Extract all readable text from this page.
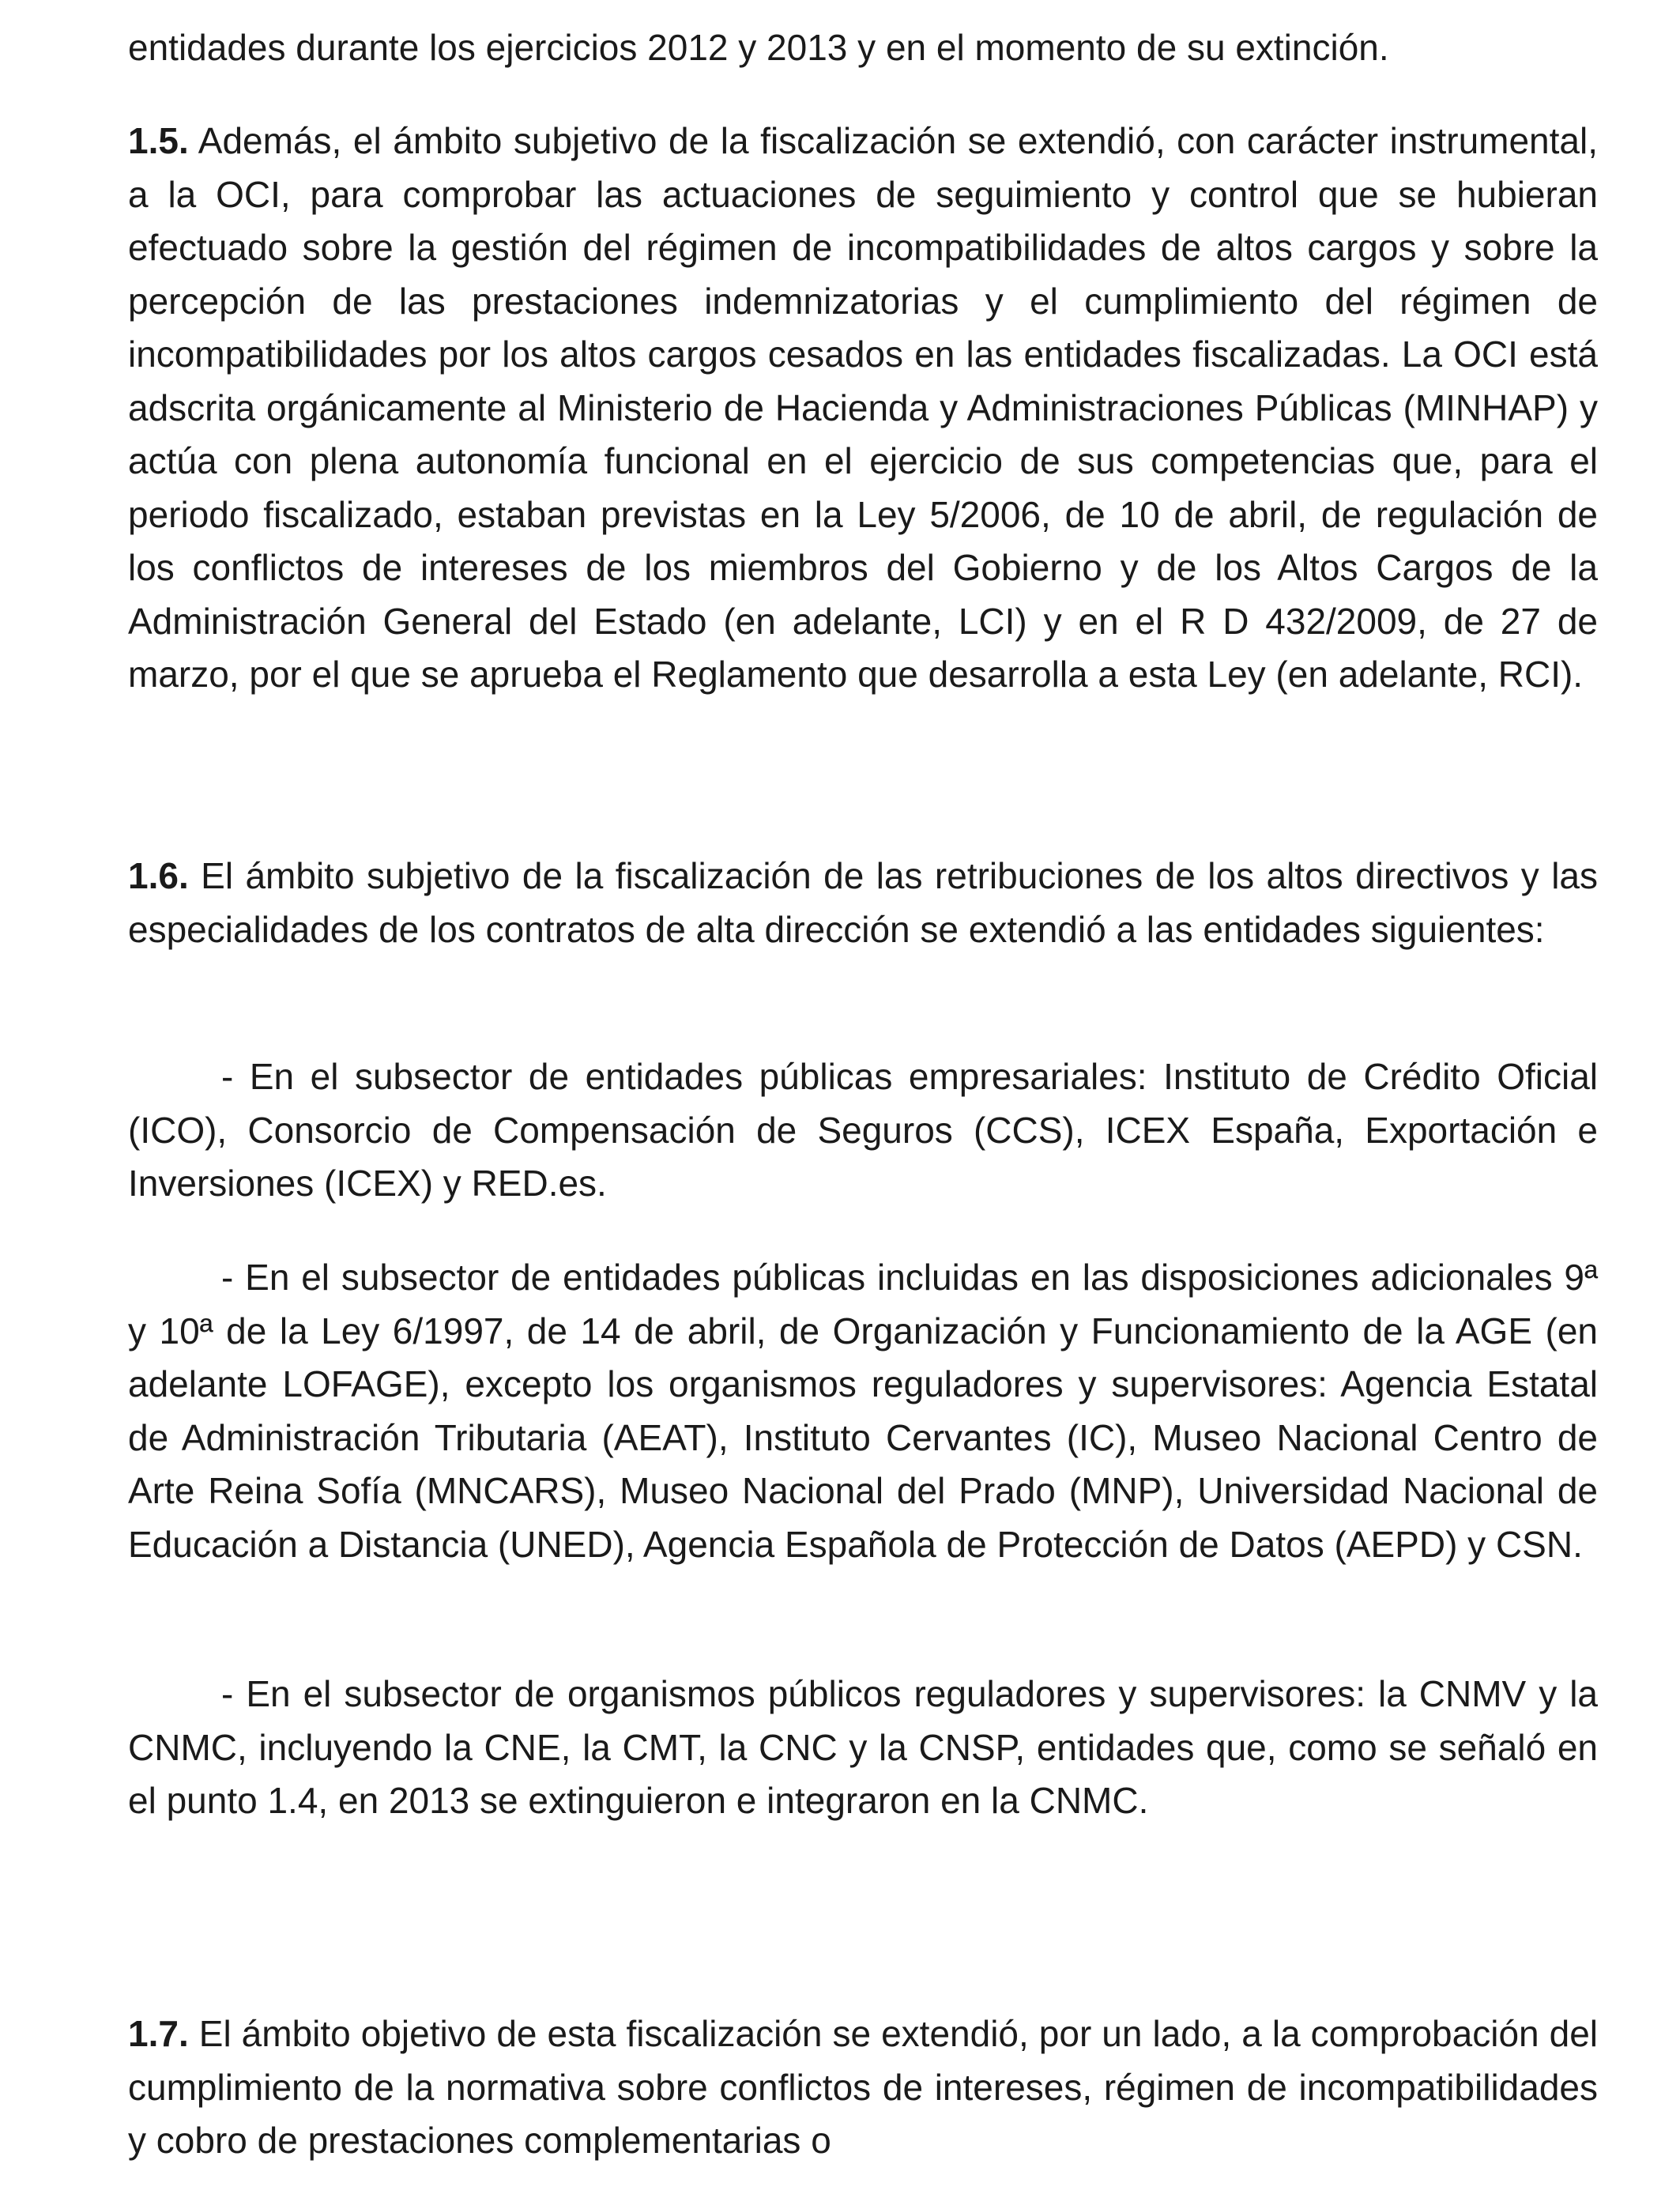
entidades durante los ejercicios 2012 y 2013 y en el momento de su extinción.

1.5. Además, el ámbito subjetivo de la fiscalización se extendió, con carácter instrumental, a la OCI, para comprobar las actuaciones de seguimiento y control que se hubieran efectuado sobre la gestión del régimen de incompatibilidades de altos cargos y sobre la percepción de las prestaciones indemnizatorias y el cumplimiento del régimen de incompatibilidades por los altos cargos cesados en las entidades fiscalizadas. La OCI está adscrita orgánicamente al Ministerio de Hacienda y Administraciones Públicas (MINHAP) y actúa con plena autonomía funcional en el ejercicio de sus competencias que, para el periodo fiscalizado, estaban previstas en la Ley 5/2006, de 10 de abril, de regulación de los conflictos de intereses de los miembros del Gobierno y de los Altos Cargos de la Administración General del Estado (en adelante, LCI) y en el R D 432/2009, de 27 de marzo, por el que se aprueba el Reglamento que desarrolla a esta Ley (en adelante, RCI).

1.6. El ámbito subjetivo de la fiscalización de las retribuciones de los altos directivos y las especialidades de los contratos de alta dirección se extendió a las entidades siguientes:

- En el subsector de entidades públicas empresariales: Instituto de Crédito Oficial (ICO), Consorcio de Compensación de Seguros (CCS), ICEX España, Exportación e Inversiones (ICEX) y RED.es.

- En el subsector de entidades públicas incluidas en las disposiciones adicionales 9ª y 10ª de la Ley 6/1997, de 14 de abril, de Organización y Funcionamiento de la AGE (en adelante LOFAGE), excepto los organismos reguladores y supervisores: Agencia Estatal de Administración Tributaria (AEAT), Instituto Cervantes (IC), Museo Nacional Centro de Arte Reina Sofía (MNCARS), Museo Nacional del Prado (MNP), Universidad Nacional de Educación a Distancia (UNED), Agencia Española de Protección de Datos (AEPD) y CSN.

- En el subsector de organismos públicos reguladores y supervisores: la CNMV y la CNMC, incluyendo la CNE, la CMT, la CNC y la CNSP, entidades que, como se señaló en el punto 1.4, en 2013 se extinguieron e integraron en la CNMC.

1.7. El ámbito objetivo de esta fiscalización se extendió, por un lado, a la comprobación del cumplimiento de la normativa sobre conflictos de intereses, régimen de incompatibilidades y cobro de prestaciones complementarias o
